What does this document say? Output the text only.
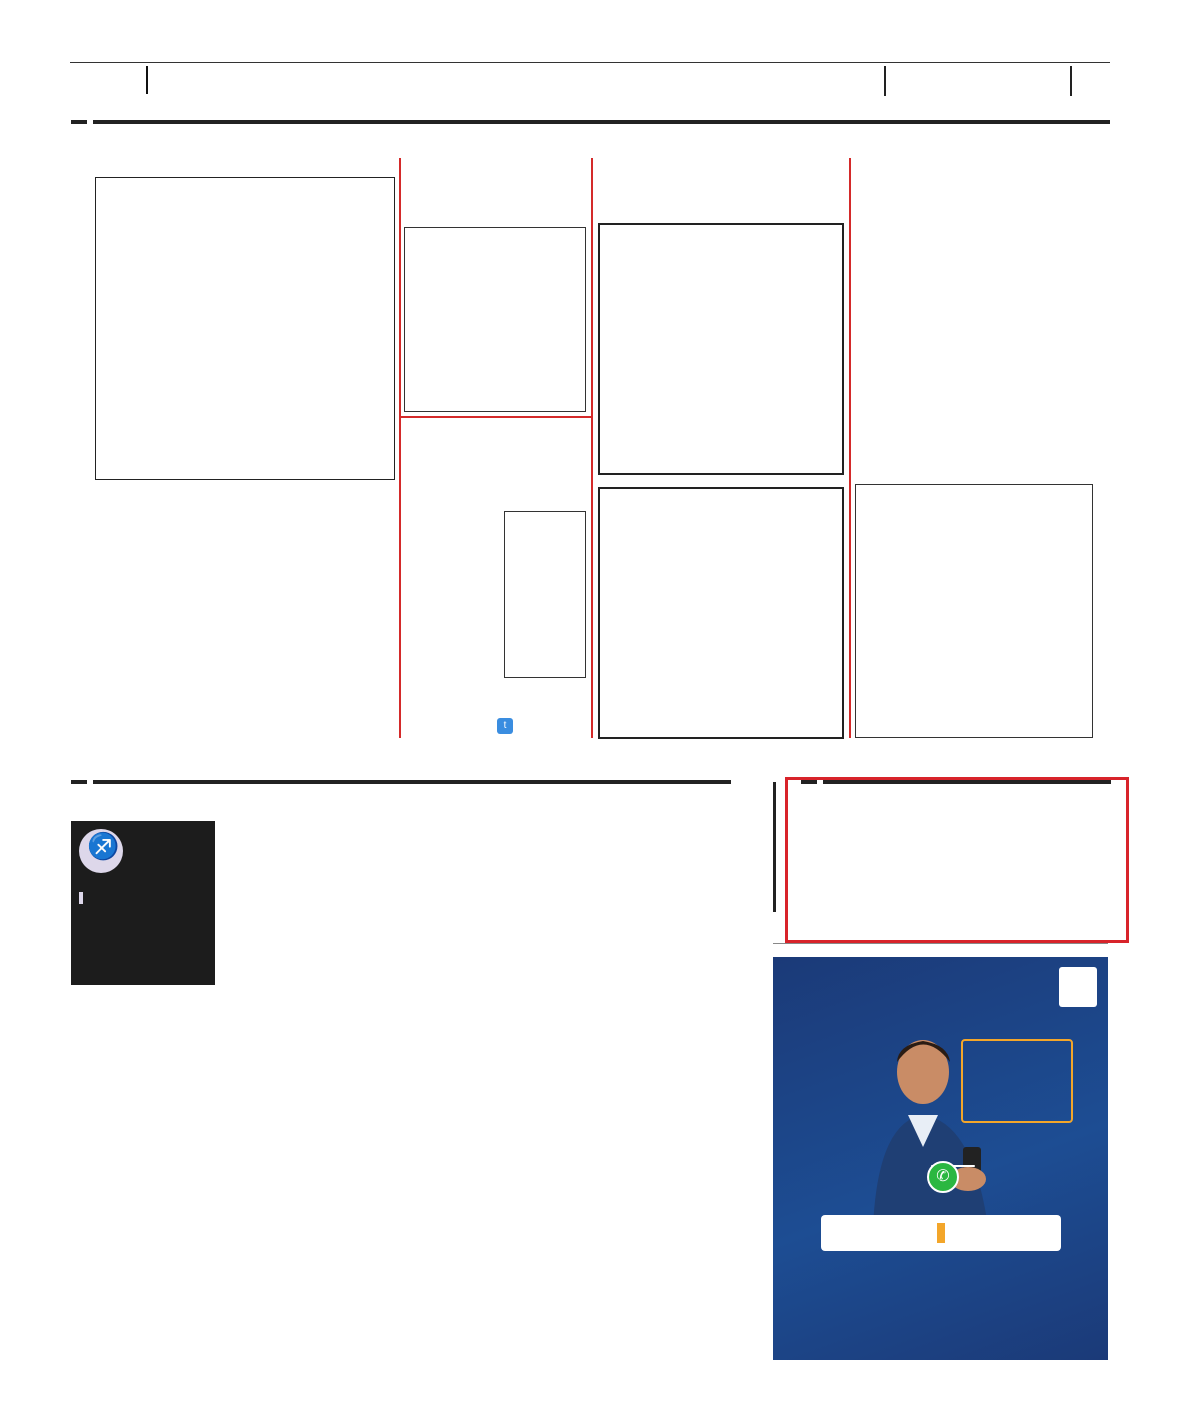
t
♐
✆
